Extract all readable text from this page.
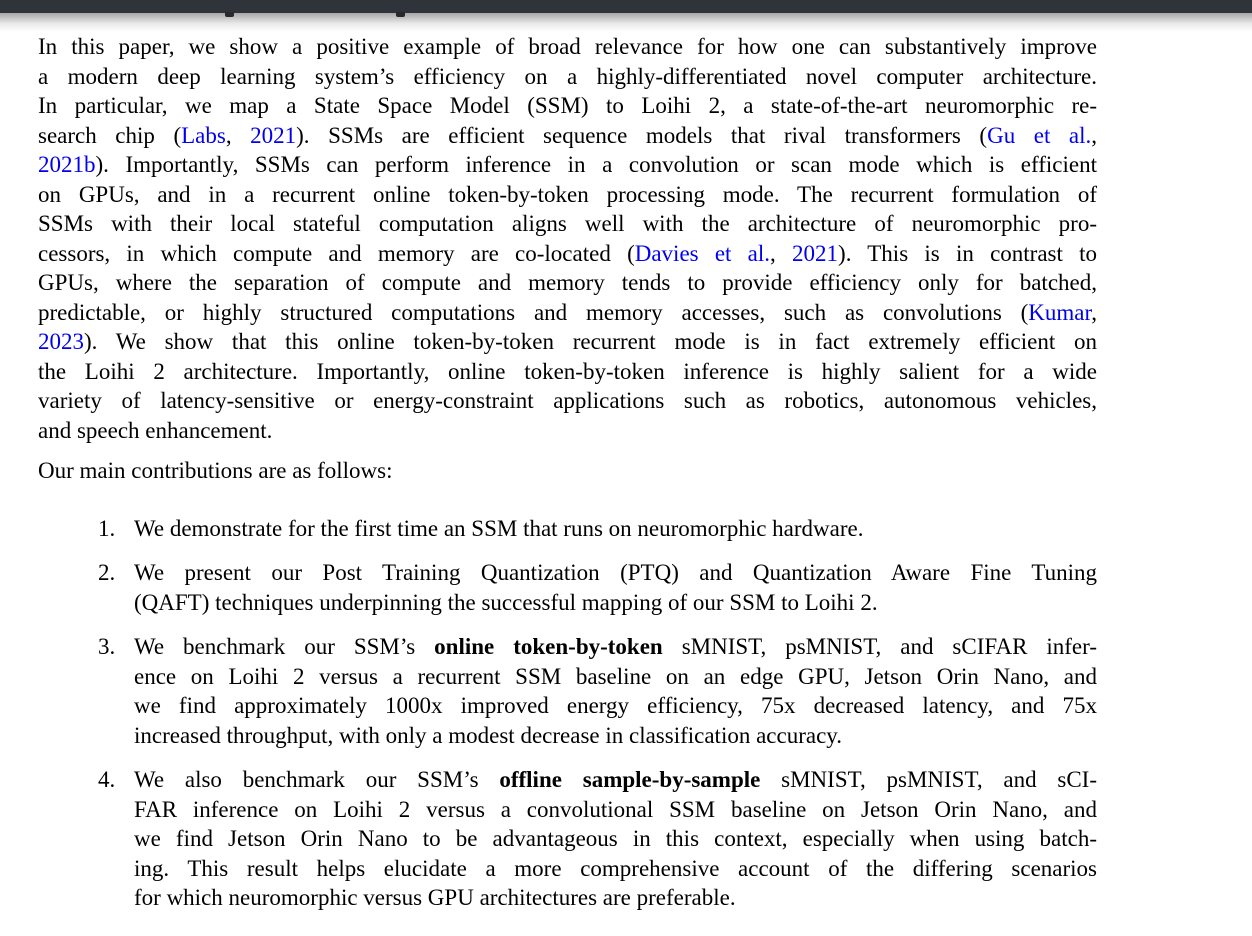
In this paper, we show a positive example of broad relevance for how one can substantively improve
a modern deep learning system’s efficiency on a highly-differentiated novel computer architecture.
In particular, we map a State Space Model (SSM) to Loihi 2, a state-of-the-art neuromorphic re-
search chip (Labs, 2021). SSMs are efficient sequence models that rival transformers (Gu et al.,
2021b). Importantly, SSMs can perform inference in a convolution or scan mode which is efficient
on GPUs, and in a recurrent online token-by-token processing mode. The recurrent formulation of
SSMs with their local stateful computation aligns well with the architecture of neuromorphic pro-
cessors, in which compute and memory are co-located (Davies et al., 2021). This is in contrast to
GPUs, where the separation of compute and memory tends to provide efficiency only for batched,
predictable, or highly structured computations and memory accesses, such as convolutions (Kumar,
2023). We show that this online token-by-token recurrent mode is in fact extremely efficient on
the Loihi 2 architecture. Importantly, online token-by-token inference is highly salient for a wide
variety of latency-sensitive or energy-constraint applications such as robotics, autonomous vehicles,
and speech enhancement.
Our main contributions are as follows:
1. We demonstrate for the first time an SSM that runs on neuromorphic hardware.
2. We present our Post Training Quantization (PTQ) and Quantization Aware Fine Tuning
(QAFT) techniques underpinning the successful mapping of our SSM to Loihi 2.
3. We benchmark our SSM’s online token-by-token sMNIST, psMNIST, and sCIFAR infer-
ence on Loihi 2 versus a recurrent SSM baseline on an edge GPU, Jetson Orin Nano, and
we find approximately 1000x improved energy efficiency, 75x decreased latency, and 75x
increased throughput, with only a modest decrease in classification accuracy.
4. We also benchmark our SSM’s offline sample-by-sample sMNIST, psMNIST, and sCI-
FAR inference on Loihi 2 versus a convolutional SSM baseline on Jetson Orin Nano, and
we find Jetson Orin Nano to be advantageous in this context, especially when using batch-
ing. This result helps elucidate a more comprehensive account of the differing scenarios
for which neuromorphic versus GPU architectures are preferable.
